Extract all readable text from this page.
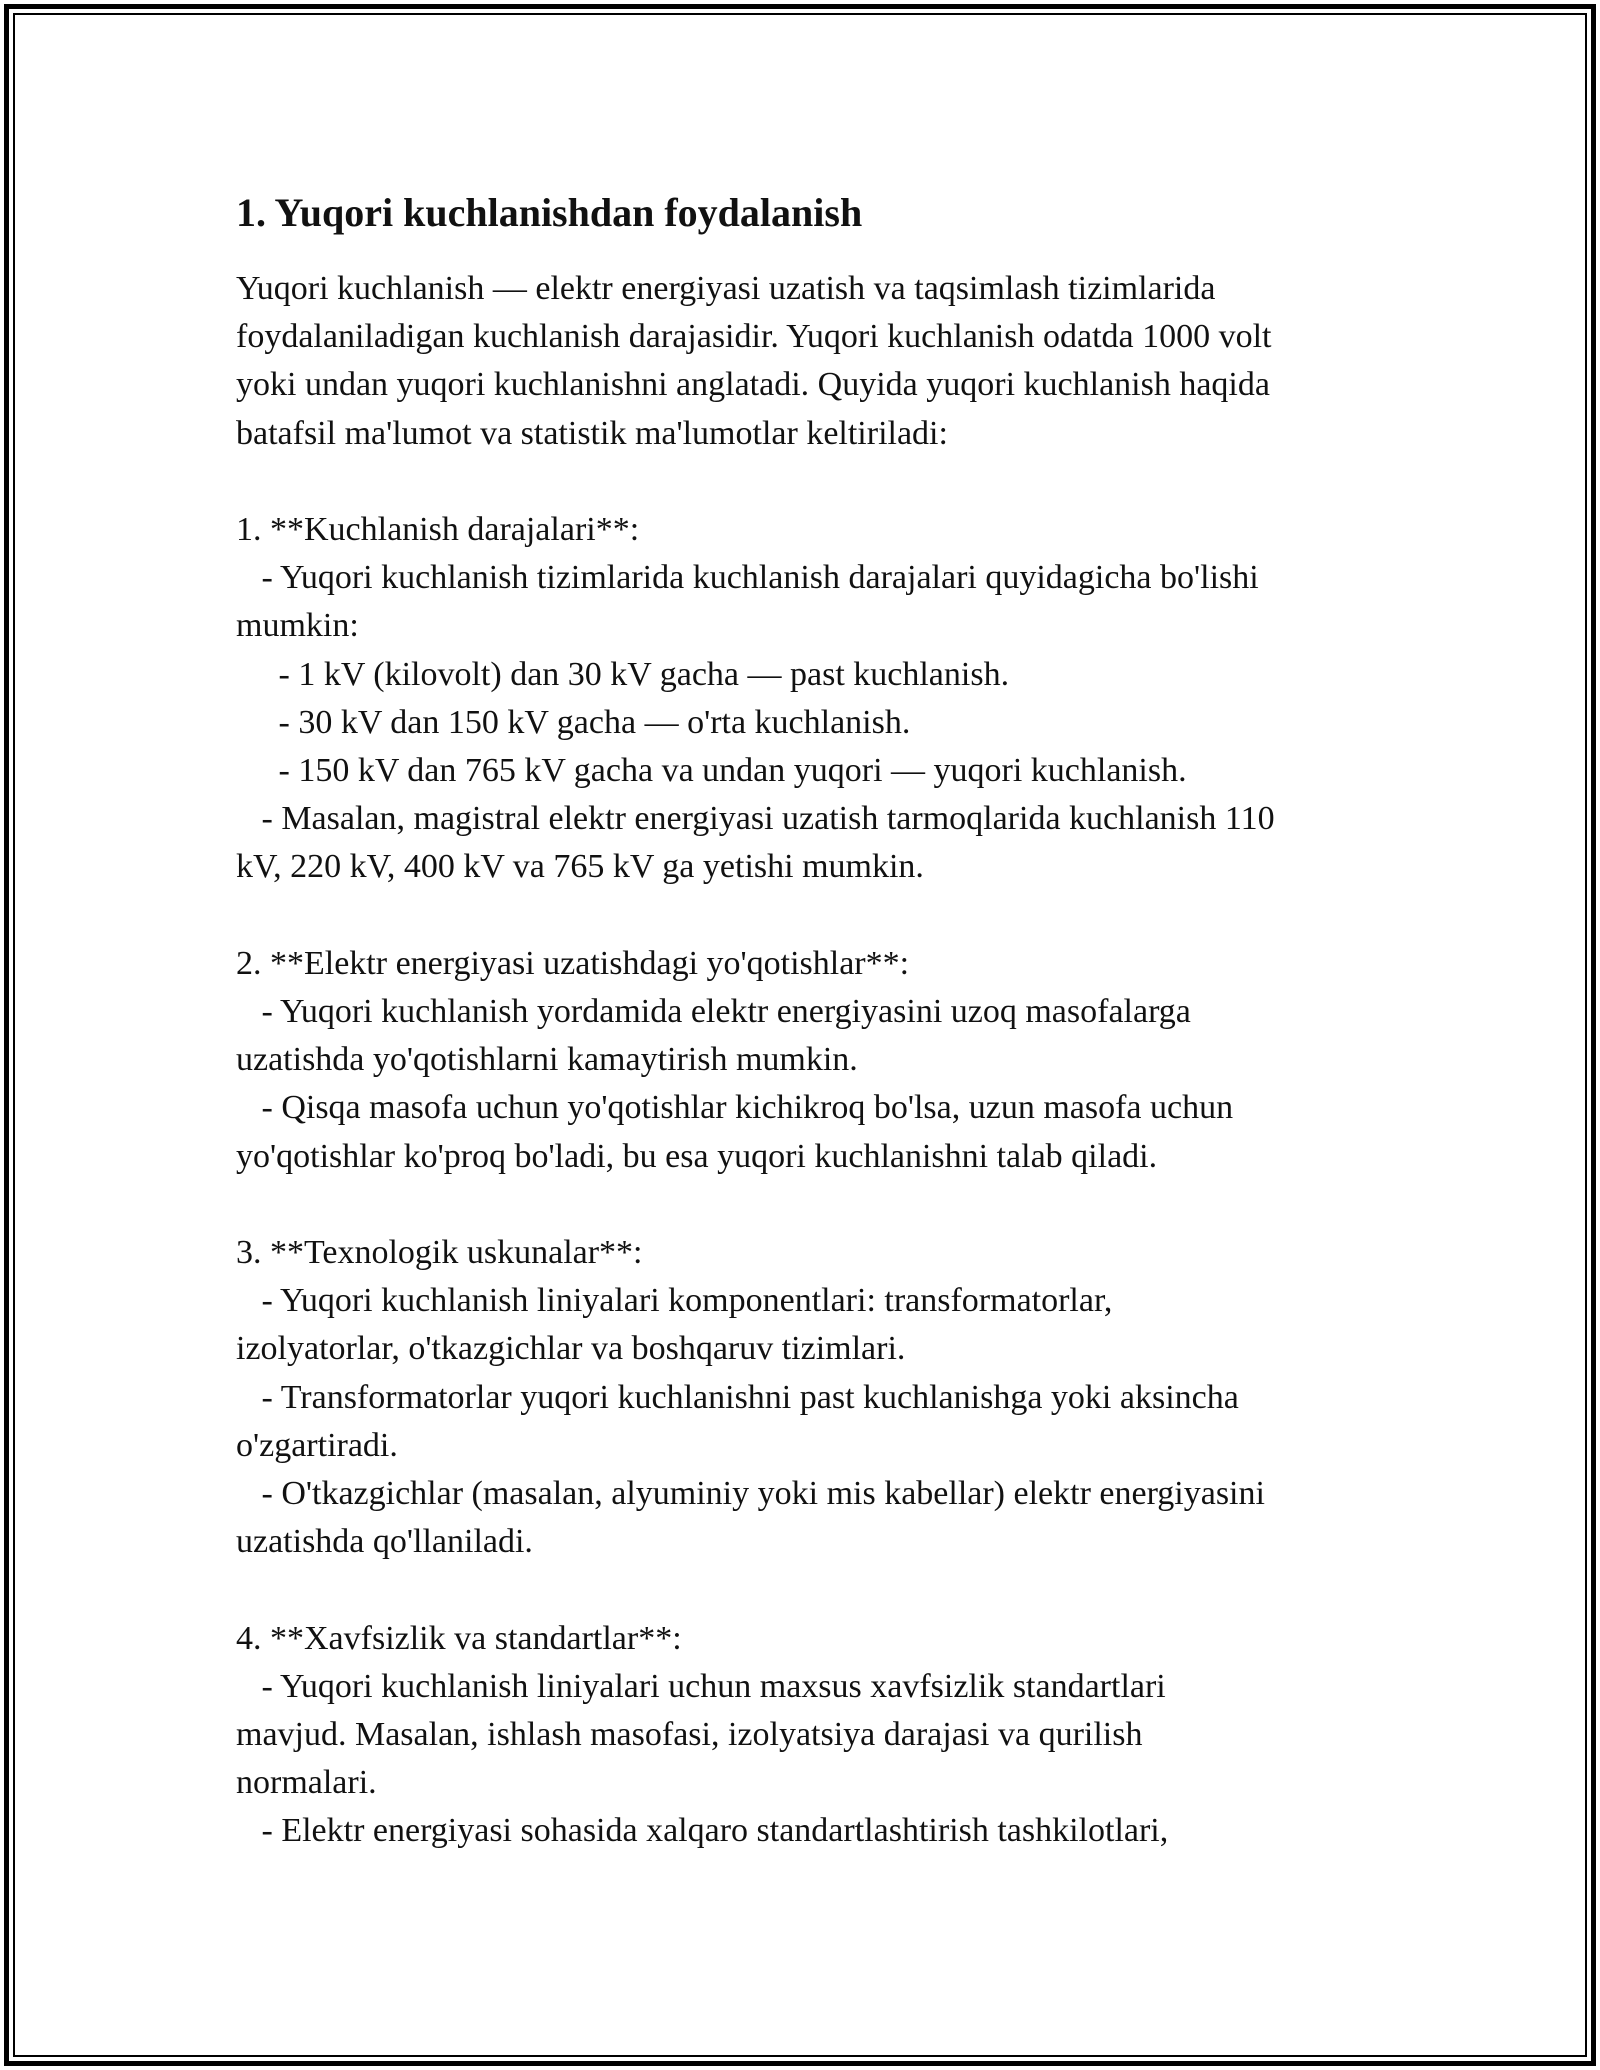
1. Yuqori kuchlanishdan foydalanish
Yuqori kuchlanish — elektr energiyasi uzatish va taqsimlash tizimlarida
foydalaniladigan kuchlanish darajasidir. Yuqori kuchlanish odatda 1000 volt
yoki undan yuqori kuchlanishni anglatadi. Quyida yuqori kuchlanish haqida
batafsil ma'lumot va statistik ma'lumotlar keltiriladi:
1. **Kuchlanish darajalari**:
- Yuqori kuchlanish tizimlarida kuchlanish darajalari quyidagicha bo'lishi
mumkin:
- 1 kV (kilovolt) dan 30 kV gacha — past kuchlanish.
- 30 kV dan 150 kV gacha — o'rta kuchlanish.
- 150 kV dan 765 kV gacha va undan yuqori — yuqori kuchlanish.
- Masalan, magistral elektr energiyasi uzatish tarmoqlarida kuchlanish 110
kV, 220 kV, 400 kV va 765 kV ga yetishi mumkin.
2. **Elektr energiyasi uzatishdagi yo'qotishlar**:
- Yuqori kuchlanish yordamida elektr energiyasini uzoq masofalarga
uzatishda yo'qotishlarni kamaytirish mumkin.
- Qisqa masofa uchun yo'qotishlar kichikroq bo'lsa, uzun masofa uchun
yo'qotishlar ko'proq bo'ladi, bu esa yuqori kuchlanishni talab qiladi.
3. **Texnologik uskunalar**:
- Yuqori kuchlanish liniyalari komponentlari: transformatorlar,
izolyatorlar, o'tkazgichlar va boshqaruv tizimlari.
- Transformatorlar yuqori kuchlanishni past kuchlanishga yoki aksincha
o'zgartiradi.
- O'tkazgichlar (masalan, alyuminiy yoki mis kabellar) elektr energiyasini
uzatishda qo'llaniladi.
4. **Xavfsizlik va standartlar**:
- Yuqori kuchlanish liniyalari uchun maxsus xavfsizlik standartlari
mavjud. Masalan, ishlash masofasi, izolyatsiya darajasi va qurilish
normalari.
- Elektr energiyasi sohasida xalqaro standartlashtirish tashkilotlari,
